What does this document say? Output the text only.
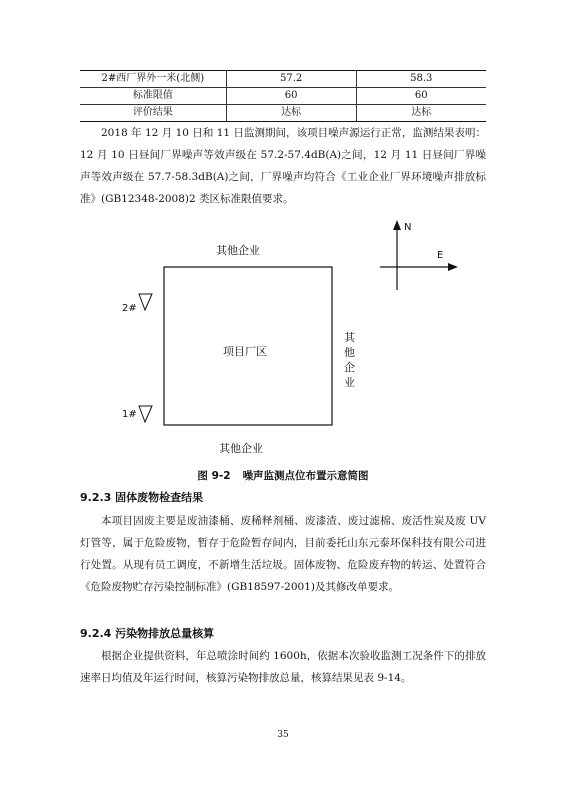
2#西厂界外一米(北侧)	57.2	58.3
标准限值	60	60
评价结果	达标	达标
2018 年 12 月 10 日和 11 日监测期间，该项目噪声源运行正常，监测结果表明：12 月 10 日昼间厂界噪声等效声级在 57.2-57.4dB(A)之间，12 月 11 日昼间厂界噪声等效声级在 57.7-58.3dB(A)之间，厂界噪声均符合《工业企业厂界环境噪声排放标准》(GB12348-2008)2 类区标准限值要求。
其他企业
其他企业
项目厂区
其
他
企
业
2#
1#
N
E
图 9-2 噪声监测点位布置示意简图
9.2.3 固体废物检查结果
本项目固废主要是废油漆桶、废稀释剂桶、废漆渣、废过滤棉、废活性炭及废 UV 灯管等，属于危险废物，暂存于危险暂存间内，目前委托山东元泰环保科技有限公司进行处置。从现有员工调度，不新增生活垃圾。固体废物、危险废弃物的转运、处置符合《危险废物贮存污染控制标准》(GB18597-2001)及其修改单要求。
9.2.4 污染物排放总量核算
根据企业提供资料，年总喷涂时间约 1600h，依据本次验收监测工况条件下的排放速率日均值及年运行时间，核算污染物排放总量，核算结果见表 9-14。
35
